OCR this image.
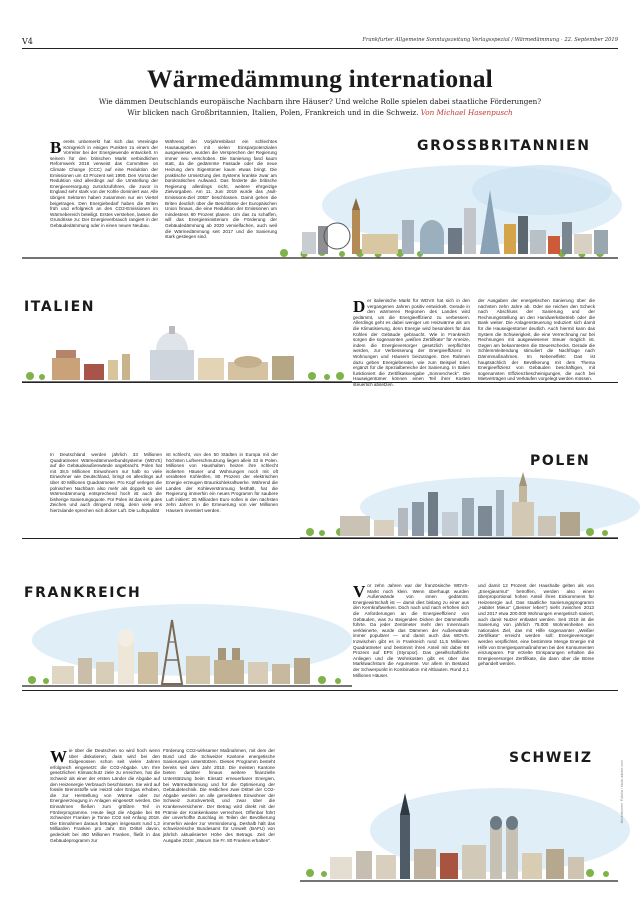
V4	Frankfurter Allgemeine Sonntagszeitung Verlagsspezial / Wärmedämmung · 22. September 2019
Wärmedämmung international
Wie dämmen Deutschlands europäische Nachbarn ihre Häuser? Und welche Rolle spielen dabei staatliche Förderungen?
Wir blicken nach Großbritannien, Italien, Polen, Frankreich und in die Schweiz. Von Michael Hasenpusch
Bereits unbemerkt hat sich das Vereinigte Königreich in einigen Punkten zu einem der Vorreiter bei der Energiewende entwickelt. In seinem für den britischen Markt verbindlichen Reformwerk 2018 verweist das Committee on Climate Change (CCC) auf eine Reduktion der Emissionen um 43 Prozent seit 1990. Den Vorrat der Reduktion sind allerdings auf die Umstellung der Energieversorgung zurückzuführen, die zuvor in England sehr stark von der Kohle dominiert war. Alle übrigen Sektoren haben zusammen nur ein Viertel beigetragen. Den Energiebedarf haben die Briten früh und erfolgreich an den CO2-Emissionen im Wärmebereich beteiligt. Erstes verstehen, lassen die Grundrisse zu: Der Energieverbrauch rangiert in der Gebäudedämmung oder in einen neuen Neubau.
Während der Vorjahresbilanz ein schlechtes Hausausgeben mit vielen Einsparpotenzialen ausgewiesen, wurden die Versprechen der Regierung immer neu verschoben. Die Sanierung fand kaum statt, da die gedämmte Fassade oder die neue Heizung dem Eigentümer kaum etwas bringt. Die praktische Umsetzung des Systems krankte zwar am bürokratischen Aufwand. Das förderte die britische Regierung allerdings nicht, weitere ehrgeizige Zielvorgaben. Am 11. Juni 2019 wurde das „Null-Emissions-Ziel 2050“ beschlossen. Damit gehen die Briten deutlich über die Beschlüsse der Europäischen Union hinaus, die eine Reduktion der Emissionen um mindestens 80 Prozent planen. Um das zu schaffen, will das Energieministerium die Förderung der Gebäudedämmung ab 2020 vervielfachen, auch weil die Wärmedämmung seit 2017 und die Sanierung stark gestiegen sind.
GROSSBRITANNIEN
ITALIEN	Der italienische Markt für WDVS hat sich in den vergangenen Jahren positiv entwickelt. Gerade in den wärmeren Regionen des Landes wird gedämmt, um die Energieeffizienz zu verbessern. Allerdings geht es dabei weniger um Heizwärme als um die Klimatisierung, denn Energie wird besonders für das Kühlen der Gebäude gebraucht. Wie in Frankreich sorgen die sogenannten „weißen Zertifikate“ für Anreize, indem die Energieversorger gesetzlich verpflichtet werden, zur Verbesserung der Energieeffizienz in Wohnungen und Häusern beizutragen. Den Rahmen dazu geben Energieberater, wie zum Beispiel Enel, ergänzt für die Spezialbereiche der Sanierung. In Italien funktioniert die Zertifikatsvergabe „Sonnencheck“. Die Hauseigentümer können einen Teil ihrer Kosten steuerlich absetzen.
der Ausgaben der energetischen Sanierung über die nächsten zehn Jahre ab. Oder sie reichen den Scheck nach Abschluss der Sanierung und der Rechnungsstellung an den Handwerksbetrieb oder die Bank weiter. Die Anlagensteuerung reduziert sich damit für die Hauseigentümer deutlich. Auch hiermit kann das System die Schwierigkeit, die eine Verrechnung nur bei Rechnungen mit ausgewiesener Steuer möglich ist. Gegen am bekanntesten die Steuerschecks. Gerade die Schlemmleitendung stimuliert die Nachfrage nach Dämmmaßnahmen. Im Nebeneffekt: Das ist hauptsächlich der Bevölkerung mit dem Thema Energieeffizienz von Gebäuden beschäftigen, mit sogenannten Effizienzbescheinigungen, die auch bei Mietverträgen und Verkäufen vorgelegt werden müssen.
In Deutschland werden jährlich 33 Millionen Quadratmeter Wärmedämmverbundsysteme (WDVS) auf die Gebäudeaußenwände angebracht. Polen hat mit 38,5 Millionen Einwohnern nur halb so viele Einwohner wie Deutschland, bringt es allerdings auf über 40 Millionen Quadratmeter. Pro Kopf verlegen die polnischen Nachbarn also mehr als doppelt so viel Wärmedämmung entsprechend hoch ist auch die bisherige Sanierungsquote. Für Polen ist das ein gutes Zeichen und auch dringend nötig, denn viele ens hierzulande sprechen sich dicker Luft. Die Luftqualität
ist schlecht, von den 50 Städten in Europa mit der höchsten Luftverschmutzung liegen allein 33 in Polen. Millionen von Haushalten heizen ihre schlecht isolierten Häuser und Wohnungen noch mit oft veralteten Kohleöfen, 80 Prozent der elektrischen Energie erzeugen Braunkohlekraftwerke. Während die Landes der Kohleverstromung festhält, hat die Regierung immerhin ein neues Programm für saubere Luft initiiert: 25 Milliarden Euro sollen in den nächsten zehn Jahren in die Erneuerung von vier Millionen Häusern investiert werden.
POLEN
FRANKREICH	Vor zehn Jahren war der französische WDVS-Markt noch klein. Wenn überhaupt wurden Außenwände von innen gedämmt. Energiewirtschaft ist — damit dies bislang zu einer aus den Kernkraftwerken. Doch nach und nach erhöhen sich die Anforderungen an die Energieeffizienz von Gebäuden, was zu steigenden Dicken der Dämmstoffe führte. Da jeder Zentimeter mehr den Innenraum verkleinerte, wurde das Dämmen der Außenwände immer populärer — und damit auch das WDVS. Inzwischen gibt es in Frankreich rund 11,5 Millionen Quadratmeter und bestimmt ihren Anteil mit dabei 68 Prozent auf EPS (Styropor). Das gesellschaftliche Anliegen und die Wohnkosten gibt es über das Marktwachstum die Argumente. Vor allem im Bestand der Schwerpunkt in Kombination mit Altbauten. Rund 2,1 Millionen Häuser.
und damit 12 Prozent der Haushalte gelten als von „Energiearmut“ betroffen, werden also einen überproportional hohen Anteil ihres Einkommens für Heizenergie auf. Das staatliche Sanierungsprogramm „Habiter Mieux“ („Besser leben“) sieht zwischen 2013 und 2017 etwa 200.000 Wohnungen energetisch saniert, auch damit Nutzer entlastet werden. Seit 2018 ist die Sanierung von jährlich 75.000 Wohneinheiten ein nationales Ziel, das mit Hilfe sogenannter „Weißer Zertifikate“ erreicht werden soll: Energieversorger werden verpflichtet, eine bestimmte Menge Energie mit Hilfe von Energiesparmaßnahmen bei den Konsumenten einzusparen. Für erzielte Einsparungen erhalten die Energieversorger Zertifikate, die dann über die Börse gehandelt werden.
Wie über die Deutschen so wird hoch wenn über diskutieren, dass wird bei den Eidgenossen schon seit vielen Jahren erfolgreich eingesetzt: die CO2-Abgabe. Um Ihre gesetzlichen Klimaschutz ziele zu erreichen, hat die Schweiz als einer der ersten Länder die Abgabe auf den Heizenergie Verbrauch beschlossen. Sie wird auf fossile Brennstoffe wie Heizöl oder Erdgas erhoben, die zur Herstellung von Wärme oder zur Energieerzeugung in Anlagen eingesetzt werden. Die Einnahmen fließen zum größten Teil in Förderprogramme. Heute liegt die Abgabe bei 96 Schweizer Franken je Tonne CO2 seit Anfang 2018. Die Einnahmen daraus betragen insgesamt rund 1,2 Milliarden Franken pro Jahr. Ein Drittel davon, gedeckelt bei 450 Millionen Franken, fließt in das Gebäudeprogramm zur
Förderung CO2-wirksamer Maßnahmen, mit dem der Bund und die Schweizer Kantone energetische Sanierungen unterstützen. Dieses Programm besteht bereits seit dem Jahr 2010. Die meisten Kantone bieten darüber hinaus weitere finanzielle Unterstützung beim Einsatz erneuerbarer Energien, bei Wärmedämmung und für die Optimierung der Gebäudetechnik. Die restlichen zwei Drittel der CO2-Abgabe werden an alle gemeldeten Einwohner der Schweiz zurückverteilt, und zwar über die Krankenversicherer. Der Betrag wird direkt mit der Prämie der Krankenkasse verrechnet. Offenbar führt der unverhoffte Zuschlag im Teilen der Bevölkerung immerhin wieder zur Verminderung. Deshalb hält das schweizerische Bundesamt für Umwelt (BAFU) von jährlich aktualisierter Höhe des Betrags. Zeit der Ausgabe 2018: „Warum Sie Fr. 80 Franken erhalten“.
SCHWEIZ
Illustrationen: Fotolia / stock.adobe.com
